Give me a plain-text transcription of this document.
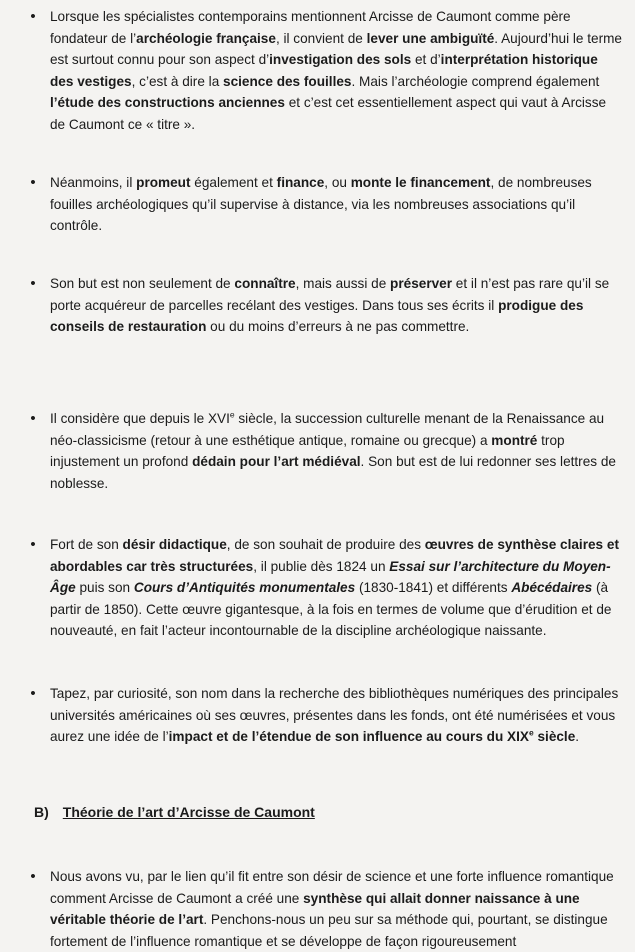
•	Lorsque les spécialistes contemporains mentionnent Arcisse de Caumont comme père fondateur de l’archéologie française, il convient de lever une ambiguïté. Aujourd’hui le terme est surtout connu pour son aspect d’investigation des sols et d’interprétation historique des vestiges, c’est à dire la science des fouilles. Mais l’archéologie comprend également l’étude des constructions anciennes et c’est cet essentiellement aspect qui vaut à Arcisse de Caumont ce « titre ».
•	Néanmoins, il promeut également et finance, ou monte le financement, de nombreuses fouilles archéologiques qu’il supervise à distance, via les nombreuses associations qu’il contrôle.
•	Son but est non seulement de connaître, mais aussi de préserver et il n’est pas rare qu’il se porte acquéreur de parcelles recélant des vestiges. Dans tous ses écrits il prodigue des conseils de restauration ou du moins d’erreurs à ne pas commettre.
•	Il considère que depuis le XVIe siècle, la succession culturelle menant de la Renaissance au néo-classicisme (retour à une esthétique antique, romaine ou grecque) a montré trop injustement un profond dédain pour l’art médiéval. Son but est de lui redonner ses lettres de noblesse.
•	Fort de son désir didactique, de son souhait de produire des œuvres de synthèse claires et abordables car très structurées, il publie dès 1824 un Essai sur l’architecture du Moyen-Âge puis son Cours d’Antiquités monumentales (1830-1841) et différents Abécédaires (à partir de 1850). Cette œuvre gigantesque, à la fois en termes de volume que d’érudition et de nouveauté, en fait l’acteur incontournable de la discipline archéologique naissante.
•	Tapez, par curiosité, son nom dans la recherche des bibliothèques numériques des principales universités américaines où ses œuvres, présentes dans les fonds, ont été numérisées et vous aurez une idée de l’impact et de l’étendue de son influence au cours du XIXe siècle.
B) Théorie de l’art d’Arcisse de Caumont
•	Nous avons vu, par le lien qu’il fit entre son désir de science et une forte influence romantique comment Arcisse de Caumont a créé une synthèse qui allait donner naissance à une véritable théorie de l’art. Penchons-nous un peu sur sa méthode qui, pourtant, se distingue fortement de l’influence romantique et se développe de façon rigoureusement
